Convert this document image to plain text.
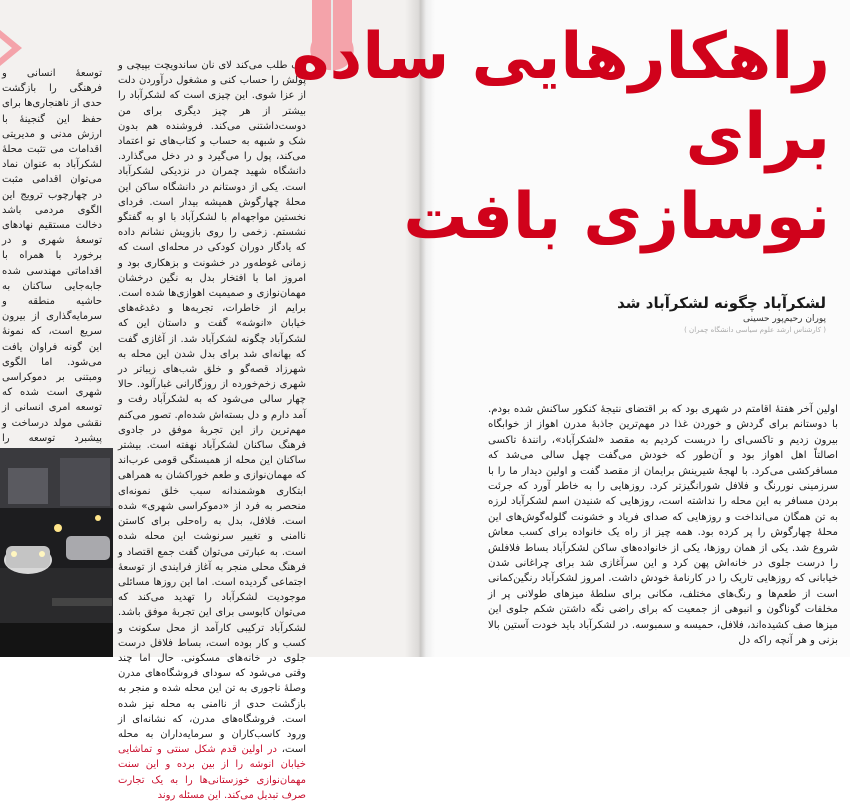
توسعهٔ انسانی و فرهنگی را بازگشت حدی از ناهنجاری‌ها برای حفظ این گنجینهٔ با ارزش مدنی و مدیریتی اقدامات می تثبت محلهٔ لشکرآباد به عنوان نماد می‌توان اقدامی مثبت در چهارچوب ترویج این الگوی مردمی باشد دخالت مستقیم نهادهای توسعهٔ شهری و در برخورد با همراه با اقداماتی مهندسی شده جابه‌جایی ساکنان به حاشیه منطقه و سرمایه‌گذاری از بیرون سریع است، که نمونهٔ این گونه فراوان یافت می‌شود. اما الگوی ومبتنی بر دموکراسی شهری است شده که توسعه امری انسانی از نقشی مولد درساخت و پیشبرد توسعه را

تنگ طلب می‌کند لای نان ساندویچت بپیچی و پولش را حساب کنی و مشغول درآوردن دلت از عزا شوی. این چیزی است که لشکرآباد را بیشتر از هر چیز دیگری برای من دوست‌داشتنی می‌کند. فروشنده هم بدون شک و شبهه به حساب و کتاب‌های تو اعتماد می‌کند، پول را می‌گیرد و در دخل می‌گذارد. دانشگاه شهید چمران در نزدیکی لشکرآباد است. یکی از دوستانم در دانشگاه ساکن این محلهٔ چهارگوش همیشه بیدار است. فردای نخستین مواجهه‌ام با لشکرآباد با او به گفتگو نشستم. زخمی را روی بازویش نشانم داده که یادگار دوران کودکی در محله‌ای است که زمانی غوطه‌ور در خشونت و بزهکاری بود و امروز اما با افتخار بدل به نگین درخشان مهمان‌نوازی و صمیمیت اهوازی‌ها شده است. برایم از خاطرات، تجربه‌ها و دغدغه‌های خیابان «انوشه» گفت و داستان این که لشکرآباد چگونه لشکرآباد شد. از آغازی گفت که بهانه‌ای شد برای بدل شدن این محله به شهرزاد قصه‌گو و خلق شب‌های زیباتر در شهری زخم‌خورده از روزگارانی غبارآلود. حالا چهار سالی می‌شود که به لشکرآباد رفت و آمد دارم و دل بسته‌اش شده‌ام. تصور می‌کنم مهم‌ترین راز این تجربهٔ موفق در جادوی فرهنگ ساکنان لشکرآباد نهفته است. بیشتر ساکنان این محله از همبستگی قومی عرب‌اند که مهمان‌نوازی و طعم خوراکشان به همراهی ابتکاری هوشمندانه سبب خلق نمونه‌ای منحصر به فرد از «دموکراسی شهری» شده است. فلافل، بدل به راه‌حلی برای کاستن ناامنی و تغییر سرنوشت این محله شده است. به عبارتی می‌توان گفت جمع اقتصاد و فرهنگ محلی منجر به آغاز فرایندی از توسعهٔ اجتماعی گردیده است. اما این روزها مسائلی موجودیت لشکرآباد را تهدید می‌کند که می‌توان کابوسی برای این تجربهٔ موفق باشد. لشکرآباد ترکیبی کارآمد از محل سکونت و کسب و کار بوده است، بساط فلافل درست جلوی در خانه‌های مسکونی. حال اما چند وقتی می‌شود که سودای فروشگاه‌های مدرن وصلهٔ ناجوری به تن این محله شده و منجر به بازگشت حدی از ناامنی به محله نیز شده است. فروشگاه‌های مدرن، که نشانه‌ای از ورود کاسب‌کاران و سرمایه‌داران به محله است، در اولین قدم شکل سنتی و تماشایی خیابان انوشه را از بین برده و این سنت مهمان‌نوازی خوزستانی‌ها را به یک تجارت صرف تبدیل می‌کند. این مسئله روند

راهکارهایی ساده
برای
نوسازی بافت
لشکرآباد چگونه لشکرآباد شد
پوران رحیم‌پور حسینی
( کارشناس ارشد علوم سیاسی دانشگاه چمران )

اولین آخر هفتهٔ اقامتم در شهری بود که بر اقتضای نتیجهٔ کنکور ساکنش شده بودم. با دوستانم برای گردش و خوردن غذا در مهم‌ترین جاذبهٔ مدرن اهواز از خوابگاه بیرون زدیم و تاکسی‌ای را دربست کردیم به مقصد «لشکرآباد»، رانندهٔ تاکسی اصالتاً اهل اهواز بود و آن‌طور که خودش می‌گفت چهل سالی می‌شد که مسافرکشی می‌کرد. با لهجهٔ شیرینش برایمان از مقصد گفت و اولین دیدار ما را با سرزمینی نوررنگ و فلافل شورانگیزتر کرد. روزهایی را به خاطر آورد که جرئت بردن مسافر به این محله را نداشته است، روزهایی که شنیدن اسم لشکرآباد لرزه به تن همگان می‌انداخت و روزهایی که صدای فریاد و خشونت گلوله‌گوش‌های این محلهٔ چهارگوش را پر کرده بود. همه چیز از راه یک خانواده برای کسب معاش شروع شد. یکی از همان روزها، یکی از خانواده‌های ساکن لشکرآباد بساط فلافلش را درست جلوی در خانه‌اش پهن کرد و این سرآغازی شد برای چراغانی شدن خیابانی که روزهایی تاریک را در کارنامهٔ خودش داشت. امروز لشکرآباد رنگین‌کمانی است از طعم‌ها و رنگ‌های مختلف، مکانی برای سلطهٔ میزهای طولانی پر از مخلفات گوناگون و انبوهی از جمعیت که برای راضی نگه داشتن شکم جلوی این میزها صف کشیده‌اند، فلافل، حمیسه و سمبوسه. در لشکرآباد باید خودت آستین بالا بزنی و هر آنچه راکه دل
